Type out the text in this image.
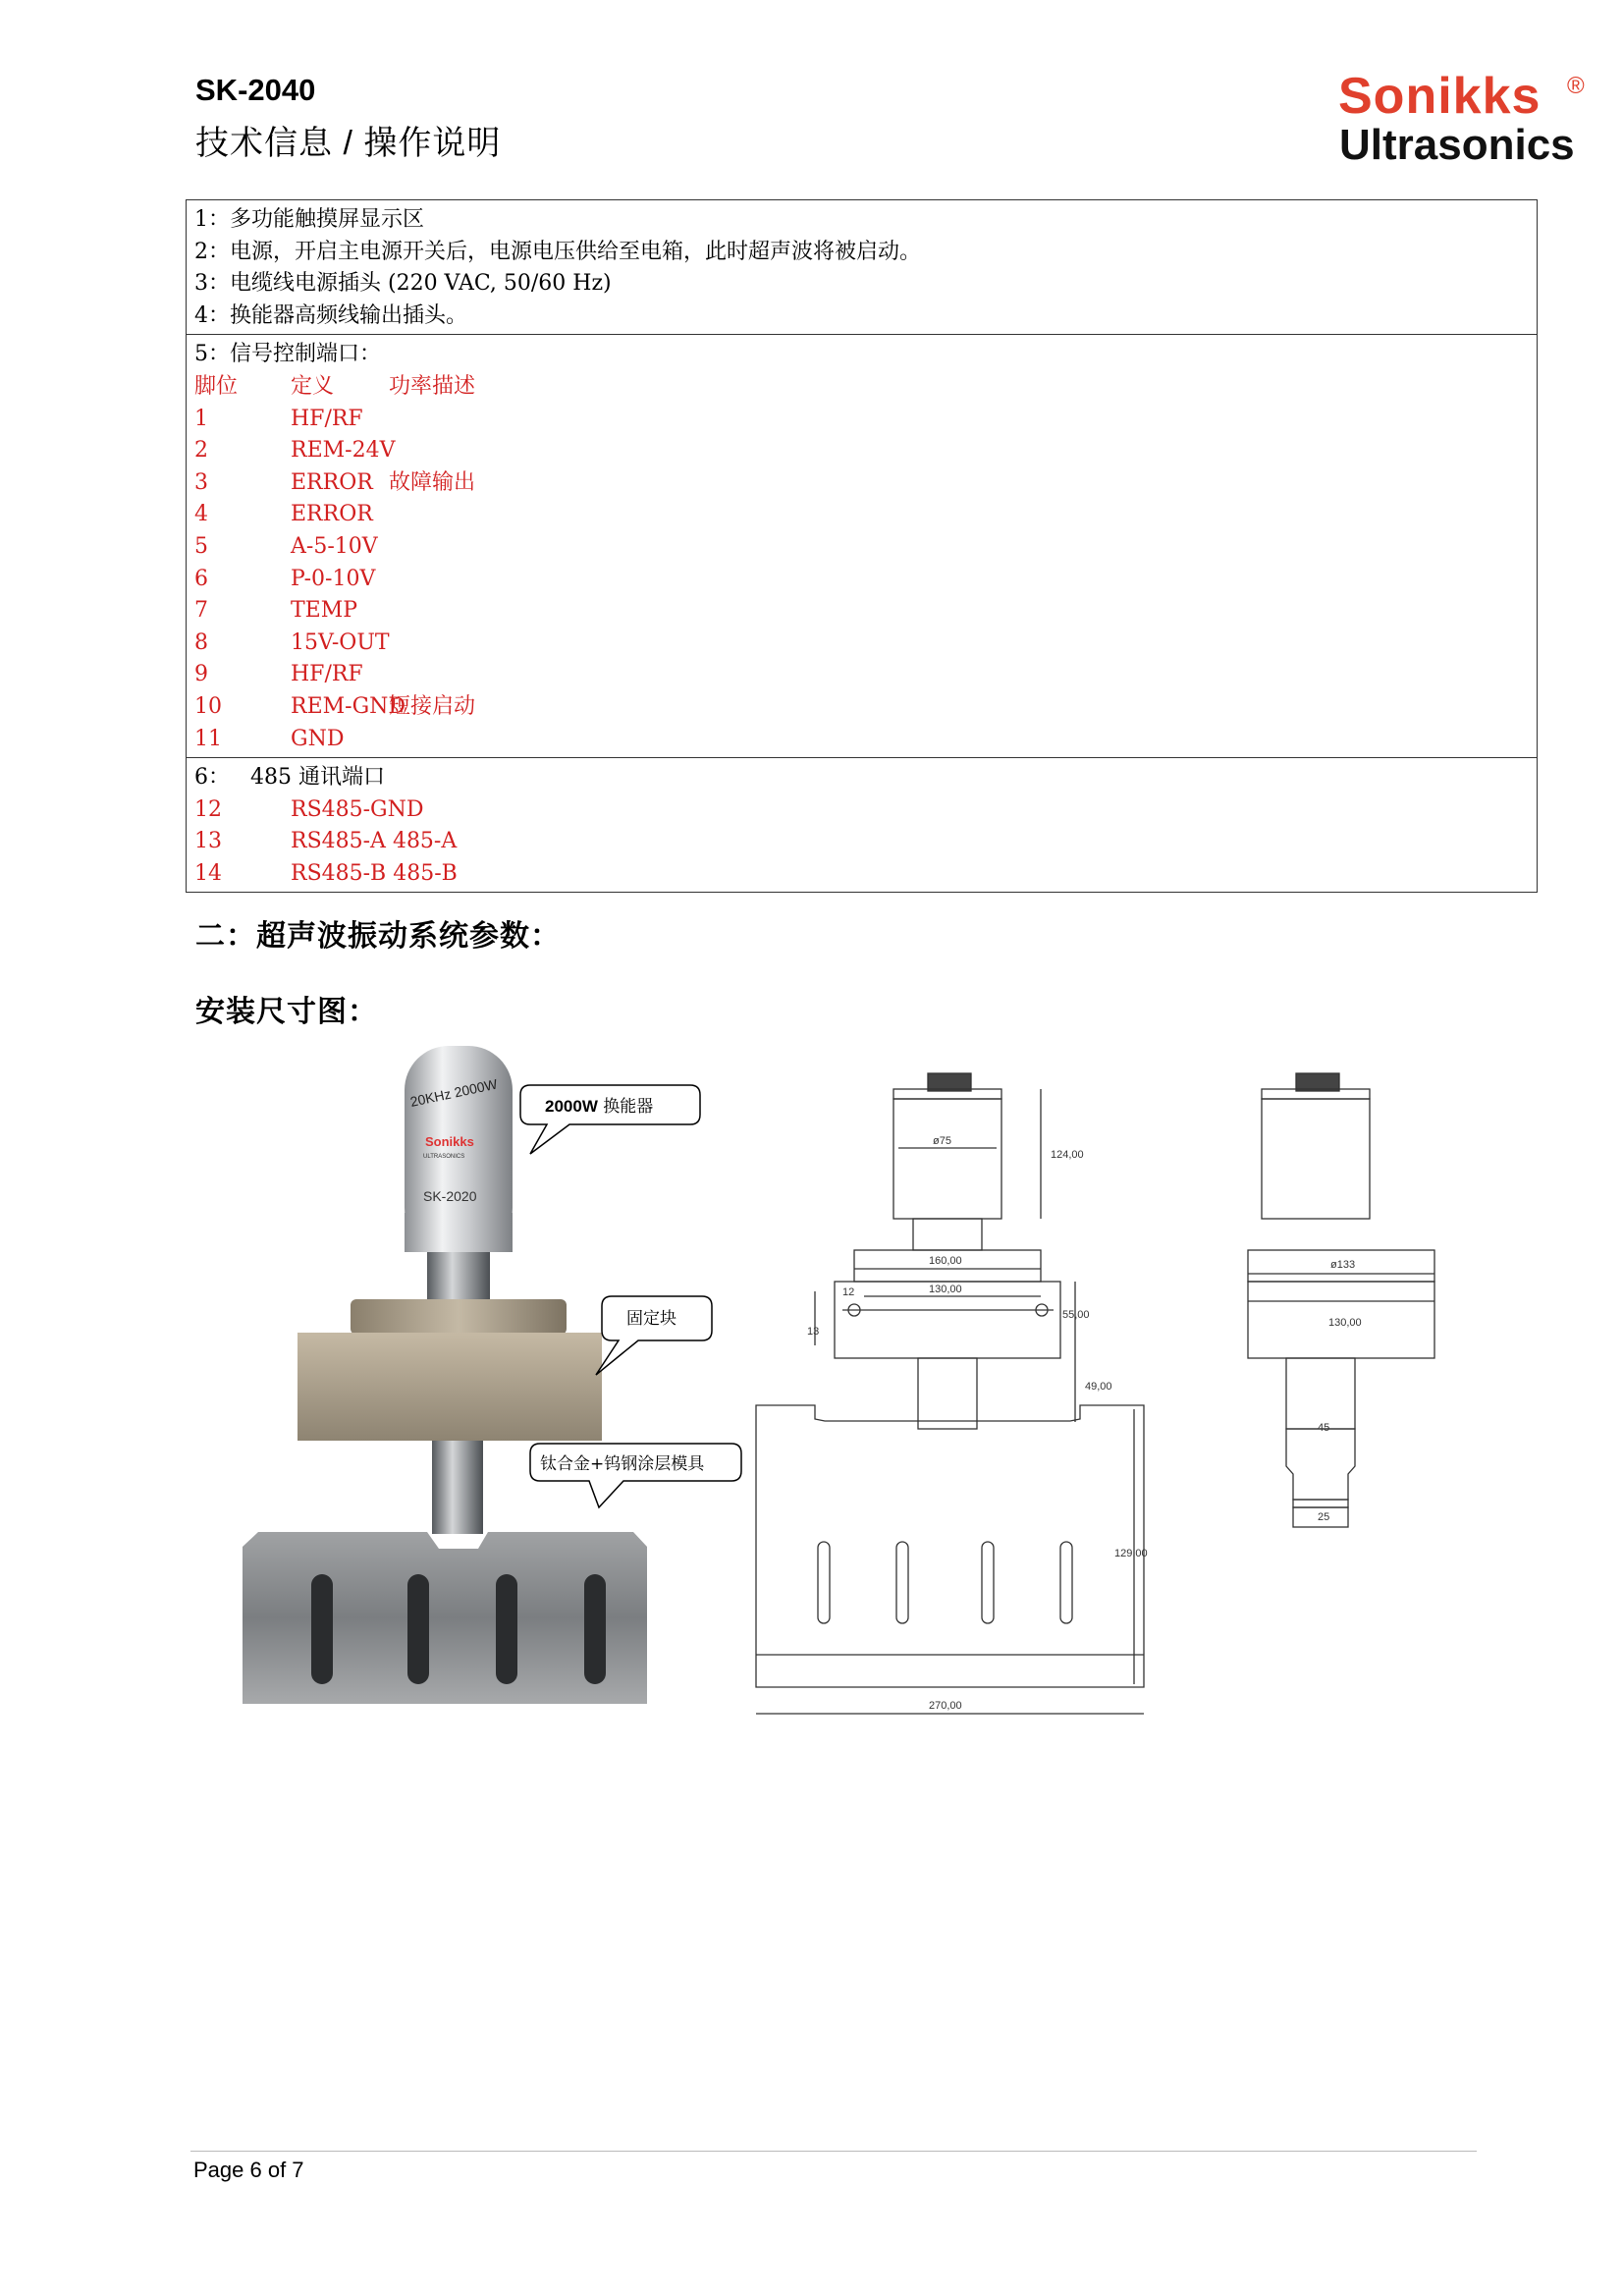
SK-2040
技术信息 / 操作说明
Sonikks ®
Ultrasonics
1：多功能触摸屏显示区
2：电源，开启主电源开关后，电源电压供给至电箱，此时超声波将被启动。
3：电缆线电源插头 (220 VAC, 50/60 Hz)
4：换能器高频线输出插头。
5：信号控制端口：
脚位 定义	功率描述
1	HF/RF
2	REM-24V
3	ERROR 故障输出
4	ERROR
5	A-5-10V
6	P-0-10V
7	TEMP
8	15V-OUT
9	HF/RF
10	REM-GND短接启动
11	GND
6：   485 通讯端口
12	RS485-GND
13	RS485-A 485-A
14	RS485-B 485-B
二：超声波振动系统参数：
安装尺寸图：
20KHz 2000W
Sonikks
ULTRASONICS
SK-2020
2000W 换能器
固定块
钛合金+钨钢涂层模具
ø75
124,00
160,00
130,00
55,00
12
13
49,00
129,00
270,00
ø133
130,00
45
25
Page 6 of 7
